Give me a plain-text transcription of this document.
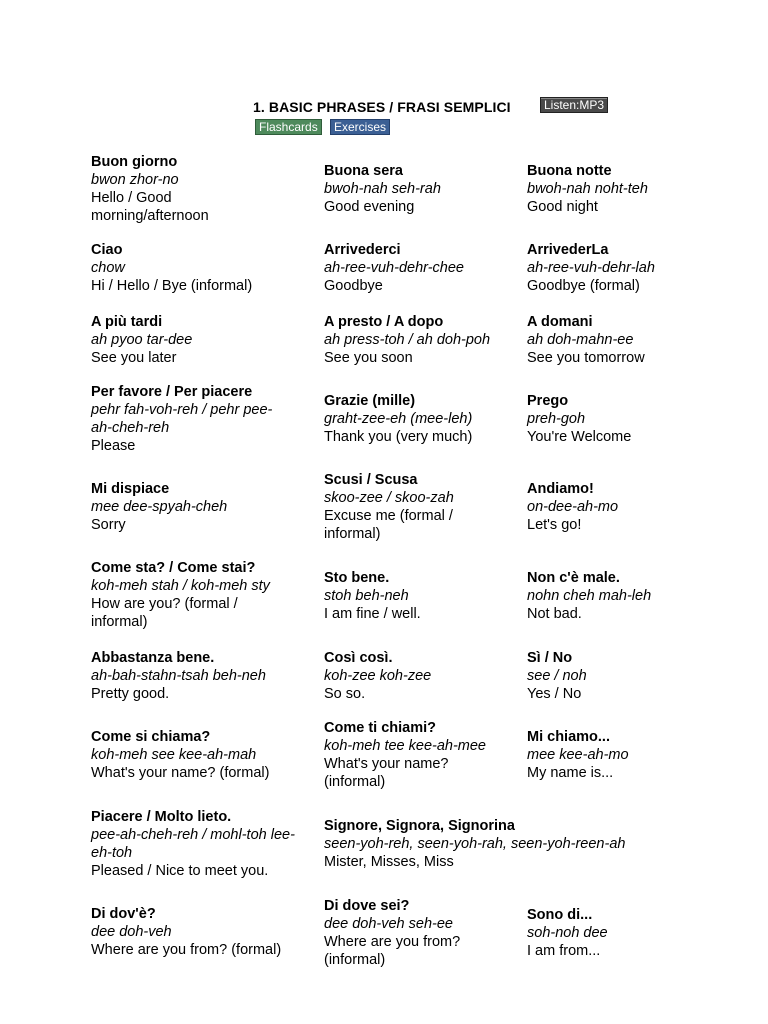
1. BASIC PHRASES / FRASI SEMPLICI	Listen:MP3
Flashcards	Exercises
Buon giorno
bwon zhor-no
Hello / Good morning/afternoon
Buona sera
bwoh-nah seh-rah
Good evening
Buona notte
bwoh-nah noht-teh
Good night
Ciao
chow
Hi / Hello / Bye (informal)
Arrivederci
ah-ree-vuh-dehr-chee
Goodbye
ArrivederLa
ah-ree-vuh-dehr-lah
Goodbye (formal)
A più tardi
ah pyoo tar-dee
See you later
A presto / A dopo
ah press-toh / ah doh-poh
See you soon
A domani
ah doh-mahn-ee
See you tomorrow
Per favore / Per piacere
pehr fah-voh-reh / pehr pee-ah-cheh-reh
Please
Grazie (mille)
graht-zee-eh (mee-leh)
Thank you (very much)
Prego
preh-goh
You're Welcome
Mi dispiace
mee dee-spyah-cheh
Sorry
Scusi / Scusa
skoo-zee / skoo-zah
Excuse me (formal / informal)
Andiamo!
on-dee-ah-mo
Let's go!
Come sta? / Come stai?
koh-meh stah / koh-meh sty
How are you? (formal / informal)
Sto bene.
stoh beh-neh
I am fine / well.
Non c'è male.
nohn cheh mah-leh
Not bad.
Abbastanza bene.
ah-bah-stahn-tsah beh-neh
Pretty good.
Così così.
koh-zee koh-zee
So so.
Sì / No
see / noh
Yes / No
Come si chiama?
koh-meh see kee-ah-mah
What's your name? (formal)
Come ti chiami?
koh-meh tee kee-ah-mee
What's your name? (informal)
Mi chiamo...
mee kee-ah-mo
My name is...
Piacere / Molto lieto.
pee-ah-cheh-reh / mohl-toh lee-eh-toh
Pleased / Nice to meet you.
Signore, Signora, Signorina
seen-yoh-reh, seen-yoh-rah, seen-yoh-reen-ah
Mister, Misses, Miss
Di dov'è?
dee doh-veh
Where are you from? (formal)
Di dove sei?
dee doh-veh seh-ee
Where are you from? (informal)
Sono di...
soh-noh dee
I am from...
